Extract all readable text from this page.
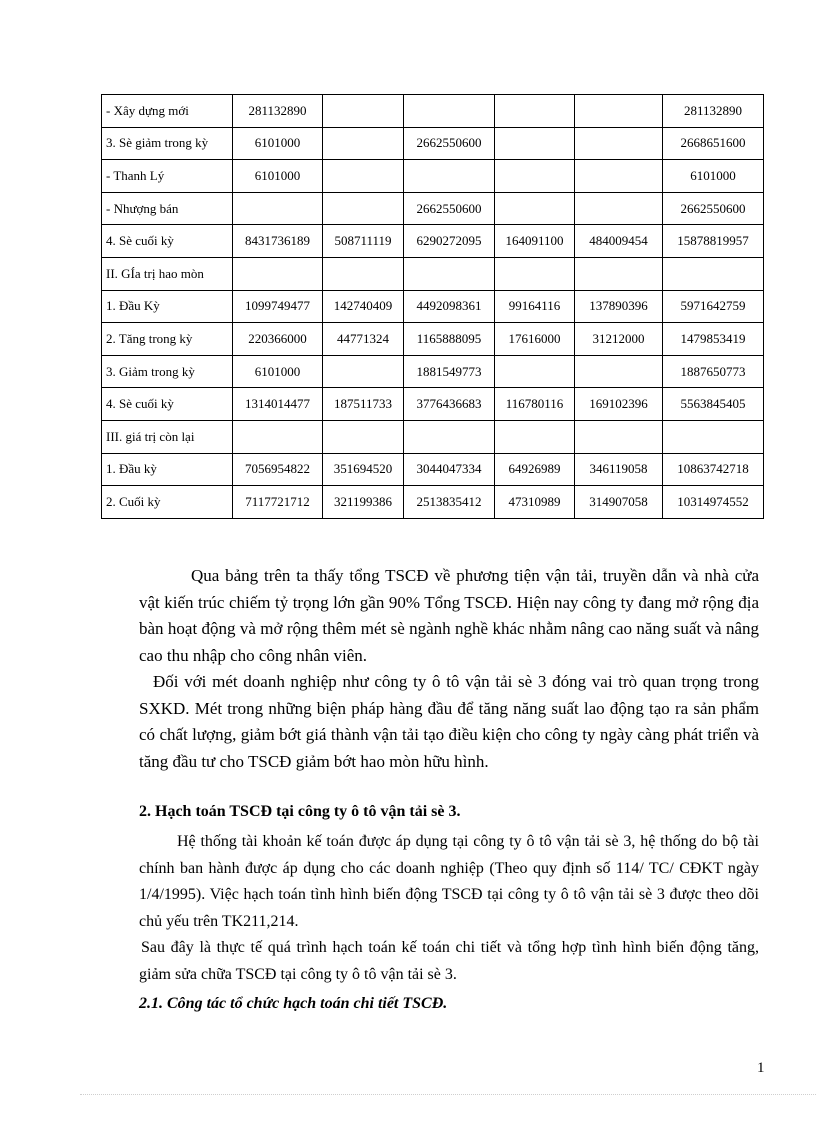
- Xây dựng mới	281132890					281132890
3. Sè giảm trong kỳ	6101000		2662550600			2668651600
- Thanh Lý	6101000					6101000
- Nhượng bán			2662550600			2662550600
4. Sè cuối kỳ	8431736189	508711119	6290272095	164091100	484009454	15878819957
II. GÍa trị hao mòn						
1. Đầu Kỳ	1099749477	142740409	4492098361	99164116	137890396	5971642759
2. Tăng trong kỳ	220366000	44771324	1165888095	17616000	31212000	1479853419
3. Giảm trong kỳ	6101000		1881549773			1887650773
4. Sè cuối kỳ	1314014477	187511733	3776436683	116780116	169102396	5563845405
III. giá trị còn lại						
1. Đầu kỳ	7056954822	351694520	3044047334	64926989	346119058	10863742718
2. Cuối kỳ	7117721712	321199386	2513835412	47310989	314907058	10314974552

Qua bảng trên ta thấy tổng TSCĐ về phương tiện vận tải, truyền dẫn và nhà cửa vật kiến trúc chiếm tỷ trọng lớn gần 90% Tổng TSCĐ. Hiện nay công ty đang mở rộng địa bàn hoạt động và mở rộng thêm mét sè ngành nghề khác nhằm nâng cao năng suất và nâng cao thu nhập cho công nhân viên.

Đối với mét doanh nghiệp như công ty ô tô vận tải sè 3 đóng vai trò quan trọng trong SXKD. Mét trong những biện pháp hàng đầu để tăng năng suất lao động tạo ra sản phẩm có chất lượng, giảm bớt giá thành vận tải tạo điều kiện cho công ty ngày càng phát triển và tăng đầu tư cho TSCĐ giảm bớt hao mòn hữu hình.

2. Hạch toán TSCĐ tại công ty ô tô vận tải sè 3.

Hệ thống tài khoản kế toán được áp dụng tại công ty ô tô vận tải sè 3, hệ thống do bộ tài chính ban hành được áp dụng cho các doanh nghiệp (Theo quy định số 114/ TC/ CĐKT ngày 1/4/1995). Việc hạch toán tình hình biến động TSCĐ tại công ty ô tô vận tải sè 3 được theo dõi chủ yếu trên TK211,214.

Sau đây là thực tế quá trình hạch toán kế toán chi tiết và tổng hợp tình hình biến động tăng, giảm sửa chữa TSCĐ tại công ty ô tô vận tải sè 3.

2.1. Công tác tổ chức hạch toán chi tiết TSCĐ.

1
